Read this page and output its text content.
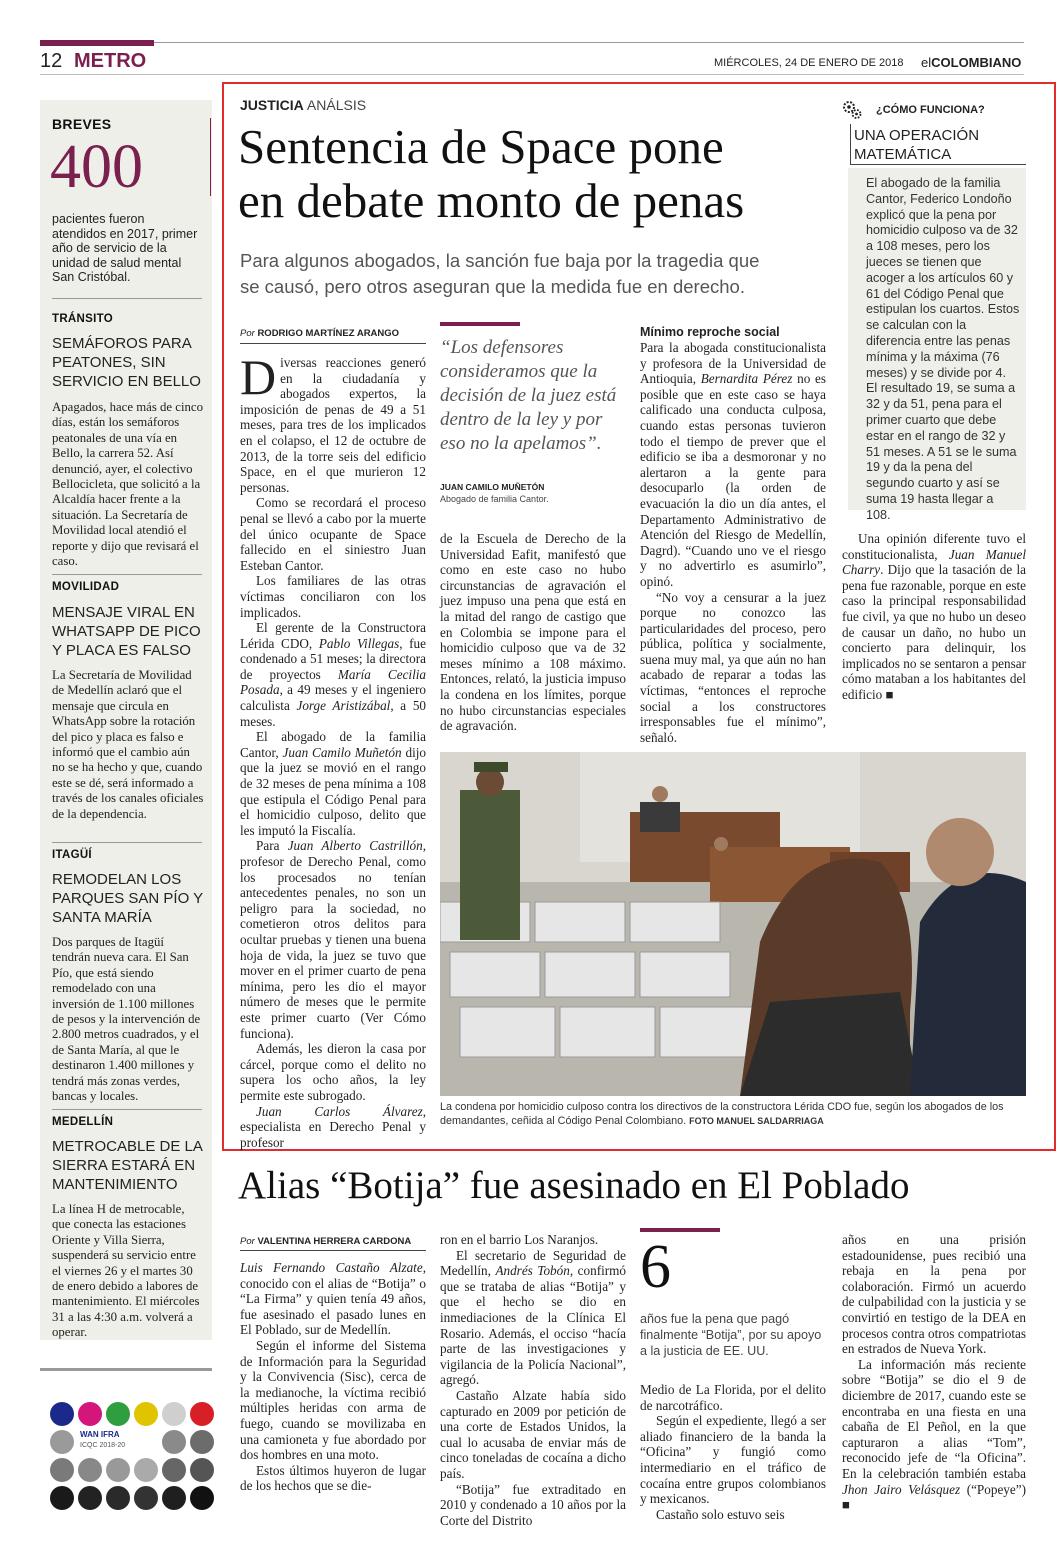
12 METRO	MIÉRCOLES, 24 DE ENERO DE 2018 elCOLOMBIANO
BREVES
400
pacientes fueron atendidos en 2017, primer año de servicio de la unidad de salud mental San Cristóbal.
TRÁNSITO
SEMÁFOROS PARA PEATONES, SIN SERVICIO EN BELLO
Apagados, hace más de cinco días, están los semáforos peatonales de una vía en Bello, la carrera 52. Así denunció, ayer, el colectivo Bellocicleta, que solicitó a la Alcaldía hacer frente a la situación. La Secretaría de Movilidad local atendió el reporte y dijo que revisará el caso.
MOVILIDAD
MENSAJE VIRAL EN WHATSAPP DE PICO Y PLACA ES FALSO
La Secretaría de Movilidad de Medellín aclaró que el mensaje que circula en WhatsApp sobre la rotación del pico y placa es falso e informó que el cambio aún no se ha hecho y que, cuando este se dé, será informado a través de los canales oficiales de la dependencia.
ITAGÜÍ
REMODELAN LOS PARQUES SAN PÍO Y SANTA MARÍA
Dos parques de Itagüí tendrán nueva cara. El San Pío, que está siendo remodelado con una inversión de 1.100 millones de pesos y la intervención de 2.800 metros cuadrados, y el de Santa María, al que le destinaron 1.400 millones y tendrá más zonas verdes, bancas y locales.
MEDELLÍN
METROCABLE DE LA SIERRA ESTARÁ EN MANTENIMIENTO
La línea H de metrocable, que conecta las estaciones Oriente y Villa Sierra, suspenderá su servicio entre el viernes 26 y el martes 30 de enero debido a labores de mantenimiento. El miércoles 31 a las 4:30 a.m. volverá a operar.
WAN IFRA
ICQC 2018-20
JUSTICIA ANÁLSIS
Sentencia de Space pone
en debate monto de penas
Para algunos abogados, la sanción fue baja por la tragedia que
se causó, pero otros aseguran que la medida fue en derecho.
Por RODRIGO MARTÍNEZ ARANGO

Diversas reacciones generó en la ciudadanía y abogados expertos, la imposición de penas de 49 a 51 meses, para tres de los implicados en el colapso, el 12 de octubre de 2013, de la torre seis del edificio Space, en el que murieron 12 personas.

Como se recordará el proceso penal se llevó a cabo por la muerte del único ocupante de Space fallecido en el siniestro Juan Esteban Cantor.

Los familiares de las otras víctimas conciliaron con los implicados.

El gerente de la Constructora Lérida CDO, Pablo Villegas, fue condenado a 51 meses; la directora de proyectos María Cecilia Posada, a 49 meses y el ingeniero calculista Jorge Aristizábal, a 50 meses.

El abogado de la familia Cantor, Juan Camilo Muñetón dijo que la juez se movió en el rango de 32 meses de pena mínima a 108 que estipula el Código Penal para el homicidio culposo, delito que les imputó la Fiscalía.

Para Juan Alberto Castrillón, profesor de Derecho Penal, como los procesados no tenían antecedentes penales, no son un peligro para la sociedad, no cometieron otros delitos para ocultar pruebas y tienen una buena hoja de vida, la juez se tuvo que mover en el primer cuarto de pena mínima, pero les dio el mayor número de meses que le permite este primer cuarto (Ver Cómo funciona).

Además, les dieron la casa por cárcel, porque como el delito no supera los ocho años, la ley permite este subrogado.

Juan Carlos Álvarez, especialista en Derecho Penal y profesor

“Los defensores consideramos que la decisión de la juez está dentro de la ley y por eso no la apelamos”.
JUAN CAMILO MUÑETÓN
Abogado de familia Cantor.

de la Escuela de Derecho de la Universidad Eafit, manifestó que como en este caso no hubo circunstancias de agravación el juez impuso una pena que está en la mitad del rango de castigo que en Colombia se impone para el homicidio culposo que va de 32 meses mínimo a 108 máximo. Entonces, relató, la justicia impuso la condena en los límites, porque no hubo circunstancias especiales de agravación.

Mínimo reproche social

Para la abogada constitucionalista y profesora de la Universidad de Antioquia, Bernardita Pérez no es posible que en este caso se haya calificado una conducta culposa, cuando estas personas tuvieron todo el tiempo de prever que el edificio se iba a desmoronar y no alertaron a la gente para desocuparlo (la orden de evacuación la dio un día antes, el Departamento Administrativo de Atención del Riesgo de Medellín, Dagrd). “Cuando uno ve el riesgo y no advertirlo es asumirlo”, opinó.

“No voy a censurar a la juez porque no conozco las particularidades del proceso, pero pública, política y socialmente, suena muy mal, ya que aún no han acabado de reparar a todas las víctimas, “entonces el reproche social a los constructores irresponsables fue el mínimo”, señaló.

¿CÓMO FUNCIONA?
UNA OPERACIÓN MATEMÁTICA
El abogado de la familia Cantor, Federico Londoño explicó que la pena por homicidio culposo va de 32 a 108 meses, pero los jueces se tienen que acoger a los artículos 60 y 61 del Código Penal que estipulan los cuartos. Estos se calculan con la diferencia entre las penas mínima y la máxima (76 meses) y se divide por 4. El resultado 19, se suma a 32 y da 51, pena para el primer cuarto que debe estar en el rango de 32 y 51 meses. A 51 se le suma 19 y da la pena del segundo cuarto y así se suma 19 hasta llegar a 108.

Una opinión diferente tuvo el constitucionalista, Juan Manuel Charry. Dijo que la tasación de la pena fue razonable, porque en este caso la principal responsabilidad fue civil, ya que no hubo un deseo de causar un daño, no hubo un concierto para delinquir, los implicados no se sentaron a pensar cómo mataban a los habitantes del edificio ■

La condena por homicidio culposo contra los directivos de la constructora Lérida CDO fue, según los abogados de los demandantes, ceñida al Código Penal Colombiano. FOTO MANUEL SALDARRIAGA
Alias “Botija” fue asesinado en El Poblado
Por VALENTINA HERRERA CARDONA

Luis Fernando Castaño Alzate, conocido con el alias de “Botija” o “La Firma” y quien tenía 49 años, fue asesinado el pasado lunes en El Poblado, sur de Medellín.

Según el informe del Sistema de Información para la Seguridad y la Convivencia (Sisc), cerca de la medianoche, la víctima recibió múltiples heridas con arma de fuego, cuando se movilizaba en una camioneta y fue abordado por dos hombres en una moto.

Estos últimos huyeron de lugar de los hechos que se die-

ron en el barrio Los Naranjos.

El secretario de Seguridad de Medellín, Andrés Tobón, confirmó que se trataba de alias “Botija” y que el hecho se dio en inmediaciones de la Clínica El Rosario. Además, el occiso “hacía parte de las investigaciones y vigilancia de la Policía Nacional”, agregó.

Castaño Alzate había sido capturado en 2009 por petición de una corte de Estados Unidos, la cual lo acusaba de enviar más de cinco toneladas de cocaína a dicho país.

“Botija” fue extraditado en 2010 y condenado a 10 años por la Corte del Distrito

6
años fue la pena que pagó finalmente “Botija”, por su apoyo a la justicia de EE. UU.

Medio de La Florida, por el delito de narcotráfico.

Según el expediente, llegó a ser aliado financiero de la banda la “Oficina” y fungió como intermediario en el tráfico de cocaína entre grupos colombianos y mexicanos.

Castaño solo estuvo seis

años en una prisión estadounidense, pues recibió una rebaja en la pena por colaboración. Firmó un acuerdo de culpabilidad con la justicia y se convirtió en testigo de la DEA en procesos contra otros compatriotas en estrados de Nueva York.

La información más reciente sobre “Botija” se dio el 9 de diciembre de 2017, cuando este se encontraba en una fiesta en una cabaña de El Peñol, en la que capturaron a alias “Tom”, reconocido jefe de “la Oficina”. En la celebración también estaba Jhon Jairo Velásquez (“Popeye”) ■
